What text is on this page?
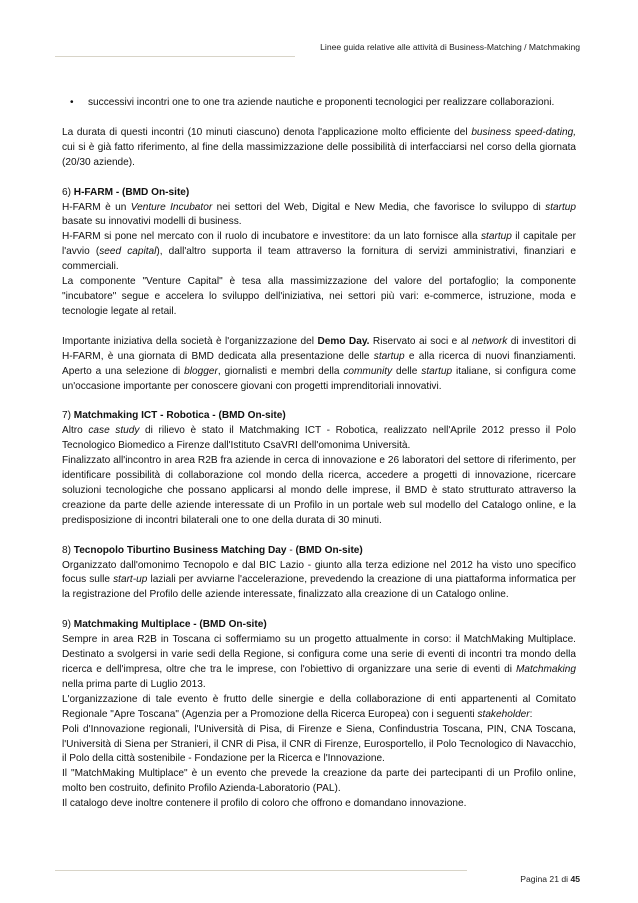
Linee guida relative alle attività di Business-Matching / Matchmaking
•	successivi incontri one to one tra aziende nautiche e proponenti tecnologici per realizzare collaborazioni.

La durata di questi incontri (10 minuti ciascuno) denota l'applicazione molto efficiente del business speed-dating, cui si è già fatto riferimento, al fine della massimizzazione delle possibilità di interfacciarsi nel corso della giornata (20/30 aziende).

6) H-FARM - (BMD On-site)

H-FARM è un Venture Incubator nei settori del Web, Digital e New Media, che favorisce lo sviluppo di startup basate su innovativi modelli di business.

H-FARM si pone nel mercato con il ruolo di incubatore e investitore: da un lato fornisce alla startup il capitale per l'avvio (seed capital), dall'altro supporta il team attraverso la fornitura di servizi amministrativi, finanziari e commerciali.

La componente "Venture Capital" è tesa alla massimizzazione del valore del portafoglio; la componente "incubatore" segue e accelera lo sviluppo dell'iniziativa, nei settori più vari: e-commerce, istruzione, moda e tecnologie legate al retail.

Importante iniziativa della società è l'organizzazione del Demo Day. Riservato ai soci e al network di investitori di H-FARM, è una giornata di BMD dedicata alla presentazione delle startup e alla ricerca di nuovi finanziamenti. Aperto a una selezione di blogger, giornalisti e membri della community delle startup italiane, si configura come un'occasione importante per conoscere giovani con progetti imprenditoriali innovativi.

7) Matchmaking ICT - Robotica - (BMD On-site)

Altro case study di rilievo è stato il Matchmaking ICT - Robotica, realizzato nell'Aprile 2012 presso il Polo Tecnologico Biomedico a Firenze dall'Istituto CsaVRI dell'omonima Università.

Finalizzato all'incontro in area R2B fra aziende in cerca di innovazione e 26 laboratori del settore di riferimento, per identificare possibilità di collaborazione col mondo della ricerca, accedere a progetti di innovazione, ricercare soluzioni tecnologiche che possano applicarsi al mondo delle imprese, il BMD è stato strutturato attraverso la creazione da parte delle aziende interessate di un Profilo in un portale web sul modello del Catalogo online, e la predisposizione di incontri bilaterali one to one della durata di 30 minuti.

8) Tecnopolo Tiburtino Business Matching Day - (BMD On-site)

Organizzato dall'omonimo Tecnopolo e dal BIC Lazio - giunto alla terza edizione nel 2012 ha visto uno specifico focus sulle start-up laziali per avviarne l'accelerazione, prevedendo la creazione di una piattaforma informatica per la registrazione del Profilo delle aziende interessate, finalizzato alla creazione di un Catalogo online.

9) Matchmaking Multiplace - (BMD On-site)

Sempre in area R2B in Toscana ci soffermiamo su un progetto attualmente in corso: il MatchMaking Multiplace. Destinato a svolgersi in varie sedi della Regione, si configura come una serie di eventi di incontri tra mondo della ricerca e dell'impresa, oltre che tra le imprese, con l'obiettivo di organizzare una serie di eventi di Matchmaking nella prima parte di Luglio 2013.

L'organizzazione di tale evento è frutto delle sinergie e della collaborazione di enti appartenenti al Comitato Regionale "Apre Toscana" (Agenzia per a Promozione della Ricerca Europea) con i seguenti stakeholder:

Poli d'Innovazione regionali, l'Università di Pisa, di Firenze e Siena, Confindustria Toscana, PIN, CNA Toscana, l'Università di Siena per Stranieri, il CNR di Pisa, il CNR di Firenze, Eurosportello, il Polo Tecnologico di Navacchio, il Polo della città sostenibile - Fondazione per la Ricerca e l'Innovazione.

Il "MatchMaking Multiplace" è un evento che prevede la creazione da parte dei partecipanti di un Profilo online, molto ben costruito, definito Profilo Azienda-Laboratorio (PAL).

Il catalogo deve inoltre contenere il profilo di coloro che offrono e domandano innovazione.

Pagina 21 di 45
